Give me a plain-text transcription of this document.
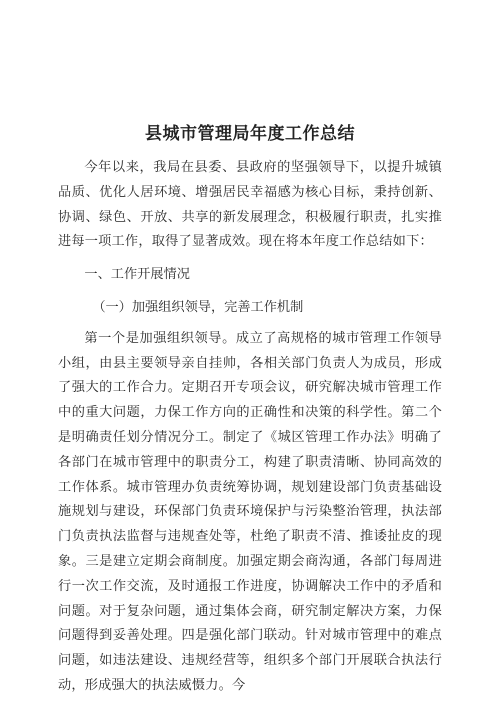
县城市管理局年度工作总结

今年以来，我局在县委、县政府的坚强领导下，以提升城镇品质、优化人居环境、增强居民幸福感为核心目标，秉持创新、协调、绿色、开放、共享的新发展理念，积极履行职责，扎实推进每一项工作，取得了显著成效。现在将本年度工作总结如下：

一、工作开展情况

（一）加强组织领导，完善工作机制

第一个是加强组织领导。成立了高规格的城市管理工作领导小组，由县主要领导亲自挂帅，各相关部门负责人为成员，形成了强大的工作合力。定期召开专项会议，研究解决城市管理工作中的重大问题，力保工作方向的正确性和决策的科学性。第二个是明确责任划分情况分工。制定了《城区管理工作办法》明确了各部门在城市管理中的职责分工，构建了职责清晰、协同高效的工作体系。城市管理办负责统筹协调，规划建设部门负责基础设施规划与建设，环保部门负责环境保护与污染整治管理，执法部门负责执法监督与违规查处等，杜绝了职责不清、推诿扯皮的现象。三是建立定期会商制度。加强定期会商沟通，各部门每周进行一次工作交流，及时通报工作进度，协调解决工作中的矛盾和问题。对于复杂问题，通过集体会商，研究制定解决方案，力保问题得到妥善处理。四是强化部门联动。针对城市管理中的难点问题，如违法建设、违规经营等，组织多个部门开展联合执法行动，形成强大的执法威慑力。今
